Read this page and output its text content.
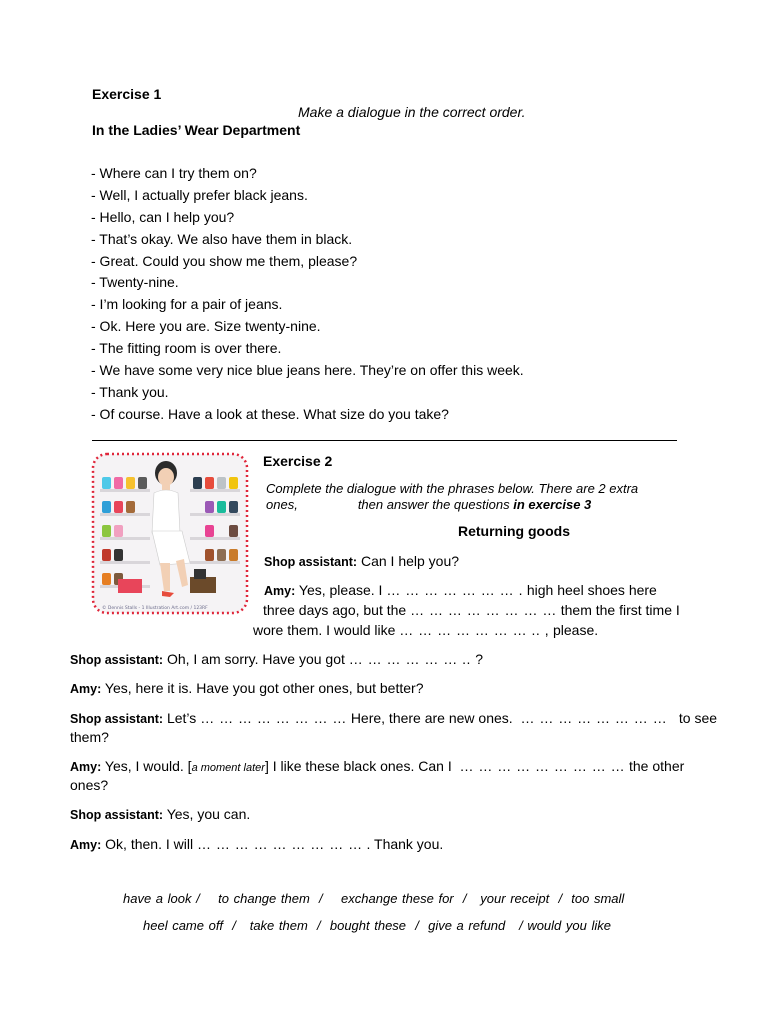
Exercise 1
Make a dialogue in the correct order.
In the Ladies’ Wear Department
- Where can I try them on?
- Well, I actually prefer black jeans.
- Hello, can I help you?
- That’s okay. We also have them in black.
- Great. Could you show me them, please?
- Twenty-nine.
- I’m looking for a pair of jeans.
- Ok. Here you are. Size twenty-nine.
- The fitting room is over there.
- We have some very nice blue jeans here. They’re on offer this week.
- Thank you.
- Of course. Have a look at these. What size do you take?
© Dennis Stalls - 1 Illustration Art.com / 123RF
Exercise 2
Complete the dialogue with the phrases below. There are 2 extra
ones,	then answer the questions in exercise 3
Returning goods
Shop assistant: Can I help you?
Amy: Yes, please. I … … … … … … … . high heel shoes here
three days ago, but the … … … … … … … … them the first time I
wore them. I would like … … … … … … … .. , please.
Shop assistant: Oh, I am sorry. Have you got … … … … … … .. ?
Amy: Yes, here it is. Have you got other ones, but better?
Shop assistant: Let’s … … … … … … … … Here, there are new ones. … … … … … … … … to see
them?
Amy: Yes, I would. [a moment later] I like these black ones. Can I … … … … … … … … … the other
ones?
Shop assistant: Yes, you can.
Amy: Ok, then. I will … … … … … … … … … . Thank you.
have a look /    to change them  /    exchange these for  /   your receipt  /  too small
heel came off  /   take them  /  bought these  /  give a refund   / would you like
